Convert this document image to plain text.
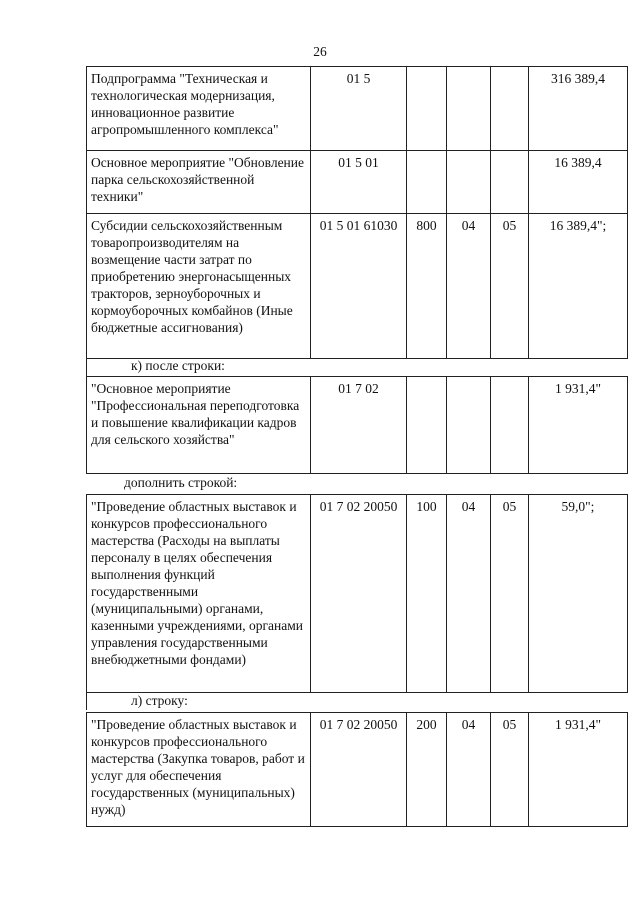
26
Подпрограмма "Техническая и технологическая модернизация, инновационное развитие агропромышленного комплекса"	01 5				316 389,4
Основное мероприятие "Обновление парка сельскохозяйственной техники"	01 5 01				16 389,4
Субсидии сельскохозяйственным товаропроизводителям на возмещение части затрат по приобретению энергонасыщенных тракторов, зерноуборочных и кормоуборочных комбайнов (Иные бюджетные ассигнования)	01 5 01 61030	800	04	05	16 389,4";
к) после строки:
"Основное мероприятие "Профессиональная переподготовка и повышение квалификации кадров для сельского хозяйства"	01 7 02				1 931,4"
дополнить строкой:
"Проведение областных выставок и конкурсов профессионального мастерства (Расходы на выплаты персоналу в целях обеспечения выполнения функций государственными (муниципальными) органами, казенными учреждениями, органами управления государственными внебюджетными фондами)	01 7 02 20050	100	04	05	59,0";
л) строку:
"Проведение областных выставок и конкурсов профессионального мастерства (Закупка товаров, работ и услуг для обеспечения государственных (муниципальных) нужд)	01 7 02 20050	200	04	05	1 931,4"
